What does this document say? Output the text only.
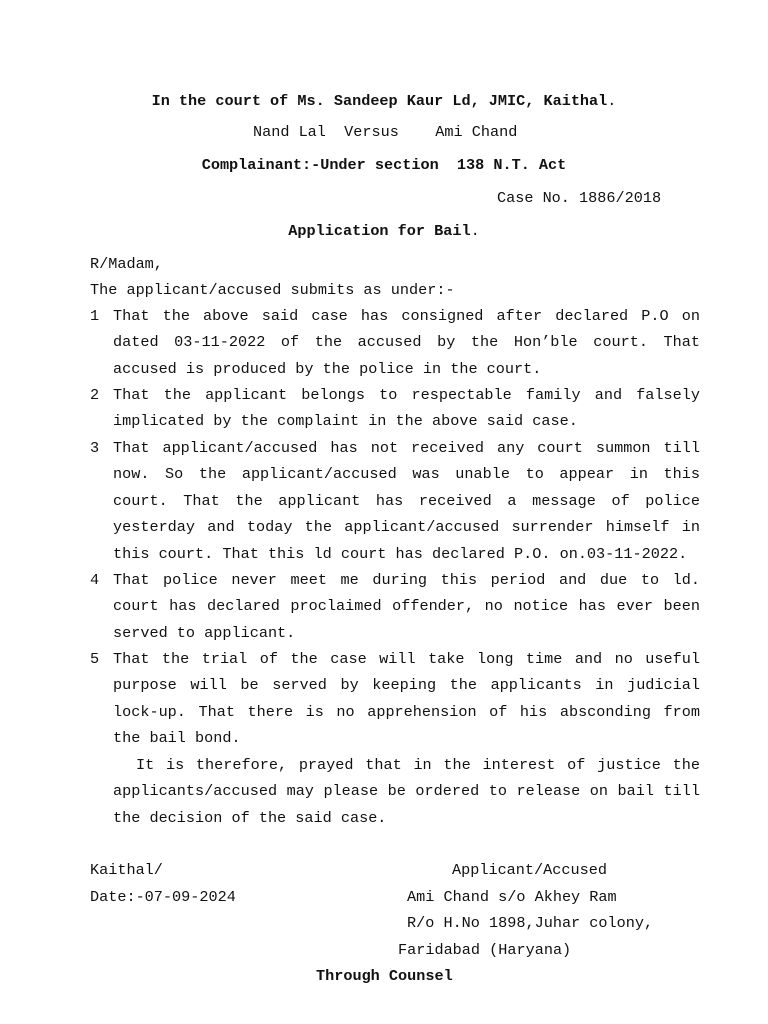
In the court of Ms. Sandeep Kaur Ld, JMIC, Kaithal.
Nand Lal  Versus    Ami Chand
Complainant:-Under section  138 N.T. Act
Case No. 1886/2018
Application for Bail.
R/Madam,
The applicant/accused submits as under:-
1 That the above said case has consigned after declared P.O on dated 03-11-2022 of the accused by the Hon’ble court. That accused is produced by the police in the court.
2 That the applicant belongs to respectable family and falsely implicated by the complaint in the above said case.
3 That applicant/accused has not received any court summon till now. So the applicant/accused was unable to appear in this court. That the applicant has received a message of police yesterday and today the applicant/accused surrender himself in this court. That this ld court has declared P.O. on.03-11-2022.
4 That police never meet me during this period and due to ld. court has declared proclaimed offender, no notice has ever been served to applicant.
5 That the trial of the case will take long time and no useful purpose will be served by keeping the applicants in judicial lock-up. That there is no apprehension of his absconding from the bail bond.
It is therefore, prayed that in the interest of justice the applicants/accused may please be ordered to release on bail till the decision of the said case.
Kaithal/	Applicant/Accused
Date:-07-09-2024	Ami Chand s/o Akhey Ram
R/o H.No 1898,Juhar colony,
Faridabad (Haryana)
Through Counsel
